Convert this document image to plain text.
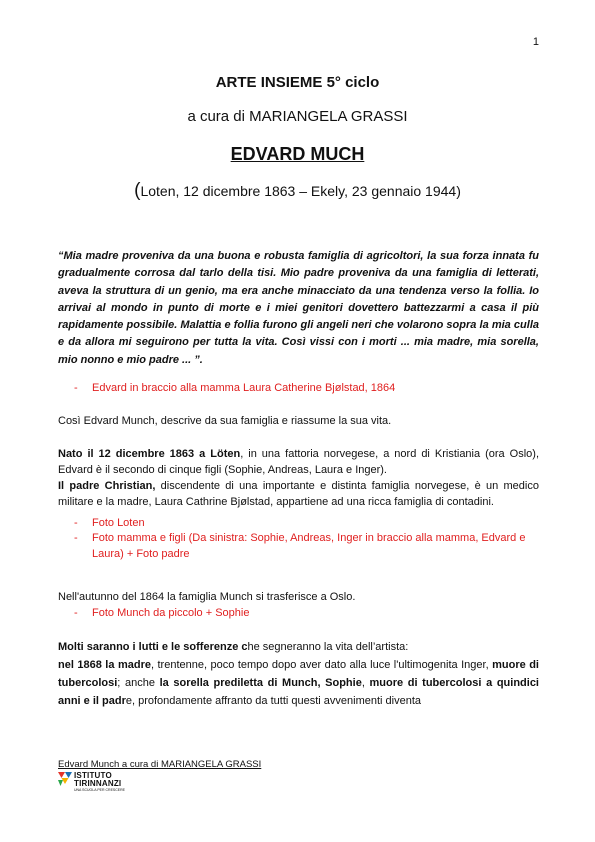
1
ARTE INSIEME 5° ciclo
a cura di MARIANGELA GRASSI
EDVARD MUCH
(Loten, 12 dicembre 1863 – Ekely, 23 gennaio 1944)

“Mia madre proveniva da una buona e robusta famiglia di agricoltori, la sua forza innata fu gradualmente corrosa dal tarlo della tisi. Mio padre proveniva da una famiglia di letterati, aveva la struttura di un genio, ma era anche minacciato da una tendenza verso la follia. Io arrivai al mondo in punto di morte e i miei genitori dovettero battezzarmi a casa il più rapidamente possibile. Malattia e follia furono gli angeli neri che volarono sopra la mia culla e da allora mi seguirono per tutta la vita. Così vissi con i morti ... mia madre, mia sorella, mio nonno e mio padre ... ”.

- Edvard in braccio alla mamma Laura Catherine Bjølstad, 1864

Così Edvard Munch, descrive da sua famiglia e riassume la sua vita.

Nato il 12 dicembre 1863 a Löten, in una fattoria norvegese, a nord di Kristiania (ora Oslo), Edvard è il secondo di cinque figli (Sophie, Andreas, Laura e Inger).
Il padre Christian, discendente di una importante e distinta famiglia norvegese, è un medico militare e la madre, Laura Cathrine Bjølstad, appartiene ad una ricca famiglia di contadini.

- Foto Loten
- Foto mamma e figli (Da sinistra: Sophie, Andreas, Inger in braccio alla mamma, Edvard e Laura) + Foto padre

Nell'autunno del 1864 la famiglia Munch si trasferisce a Oslo.

- Foto Munch da piccolo + Sophie

Molti saranno i lutti e le sofferenze che segneranno la vita dell’artista:
nel 1868 la madre, trentenne, poco tempo dopo aver dato alla luce l'ultimogenita Inger, muore di tubercolosi; anche la sorella prediletta di Munch, Sophie, muore di tubercolosi a quindici anni e il padre, profondamente affranto da tutti questi avvenimenti diventa

Edvard Munch a cura di MARIANGELA GRASSI
ISTITUTO
TIRINNANZI
UNA SCUOLA PER CRESCERE
